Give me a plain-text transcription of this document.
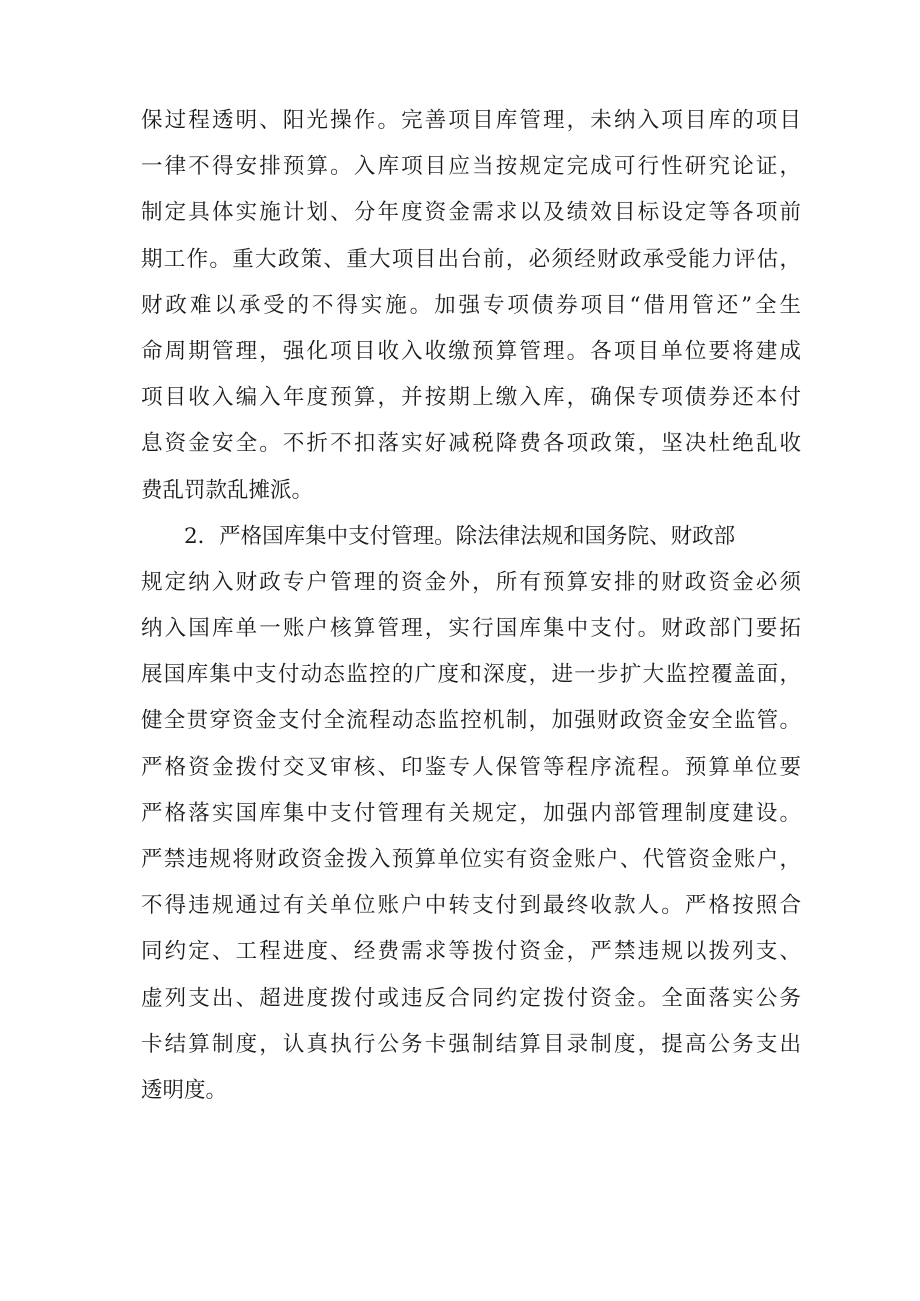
保过程透明、阳光操作。完善项目库管理，未纳入项目库的项目
一律不得安排预算。入库项目应当按规定完成可行性研究论证，
制定具体实施计划、分年度资金需求以及绩效目标设定等各项前
期工作。重大政策、重大项目出台前，必须经财政承受能力评估，
财政难以承受的不得实施。加强专项债券项目“借用管还”全生
命周期管理，强化项目收入收缴预算管理。各项目单位要将建成
项目收入编入年度预算，并按期上缴入库，确保专项债券还本付
息资金安全。不折不扣落实好减税降费各项政策，坚决杜绝乱收
费乱罚款乱摊派。
2．严格国库集中支付管理。除法律法规和国务院、财政部
规定纳入财政专户管理的资金外，所有预算安排的财政资金必须
纳入国库单一账户核算管理，实行国库集中支付。财政部门要拓
展国库集中支付动态监控的广度和深度，进一步扩大监控覆盖面，
健全贯穿资金支付全流程动态监控机制，加强财政资金安全监管。
严格资金拨付交叉审核、印鉴专人保管等程序流程。预算单位要
严格落实国库集中支付管理有关规定，加强内部管理制度建设。
严禁违规将财政资金拨入预算单位实有资金账户、代管资金账户，
不得违规通过有关单位账户中转支付到最终收款人。严格按照合
同约定、工程进度、经费需求等拨付资金，严禁违规以拨列支、
虚列支出、超进度拨付或违反合同约定拨付资金。全面落实公务
卡结算制度，认真执行公务卡强制结算目录制度，提高公务支出
透明度。
